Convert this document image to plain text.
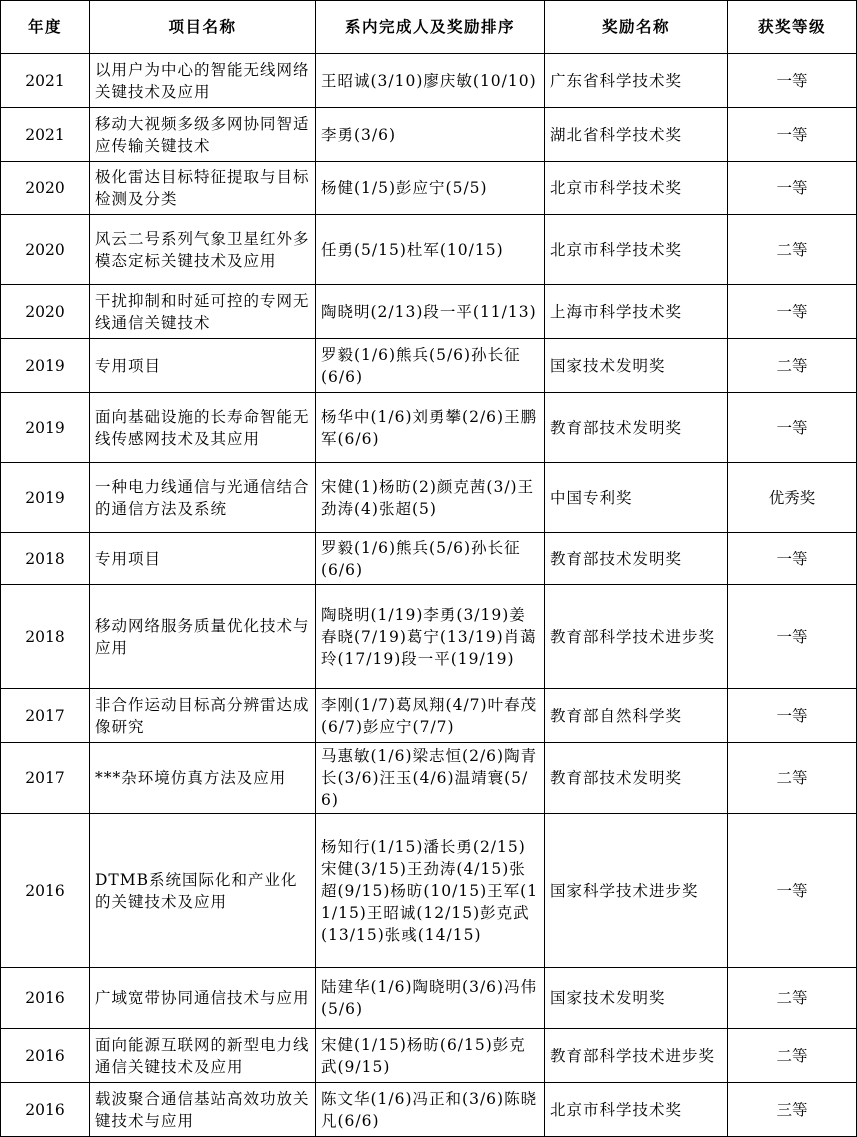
年度	项目名称	系内完成人及奖励排序	奖励名称	获奖等级
2021	以用户为中心的智能无线网络关键技术及应用	王昭诚(3/10)廖庆敏(10/10)	广东省科学技术奖	一等
2021	移动大视频多级多网协同智适应传输关键技术	李勇(3/6)	湖北省科学技术奖	一等
2020	极化雷达目标特征提取与目标检测及分类	杨健(1/5)彭应宁(5/5)	北京市科学技术奖	一等
2020	风云二号系列气象卫星红外多模态定标关键技术及应用	任勇(5/15)杜军(10/15)	北京市科学技术奖	二等
2020	干扰抑制和时延可控的专网无线通信关键技术	陶晓明(2/13)段一平(11/13)	上海市科学技术奖	一等
2019	专用项目	罗毅(1/6)熊兵(5/6)孙长征(6/6)	国家技术发明奖	二等
2019	面向基础设施的长寿命智能无线传感网技术及其应用	杨华中(1/6)刘勇攀(2/6)王鹏军(6/6)	教育部技术发明奖	一等
2019	一种电力线通信与光通信结合的通信方法及系统	宋健(1)杨昉(2)颜克茜(3/)王劲涛(4)张超(5)	中国专利奖	优秀奖
2018	专用项目	罗毅(1/6)熊兵(5/6)孙长征(6/6)	教育部技术发明奖	一等
2018	移动网络服务质量优化技术与应用	陶晓明(1/19)李勇(3/19)姜春晓(7/19)葛宁(13/19)肖蔼玲(17/19)段一平(19/19)	教育部科学技术进步奖	一等
2017	非合作运动目标高分辨雷达成像研究	李刚(1/7)葛凤翔(4/7)叶春茂(6/7)彭应宁(7/7)	教育部自然科学奖	一等
2017	***杂环境仿真方法及应用	马惠敏(1/6)梁志恒(2/6)陶青长(3/6)汪玉(4/6)温靖寰(5/6)	教育部技术发明奖	二等
2016	DTMB系统国际化和产业化的关键技术及应用	杨知行(1/15)潘长勇(2/15)宋健(3/15)王劲涛(4/15)张超(9/15)杨昉(10/15)王军(11/15)王昭诚(12/15)彭克武(13/15)张彧(14/15)	国家科学技术进步奖	一等
2016	广域宽带协同通信技术与应用	陆建华(1/6)陶晓明(3/6)冯伟(5/6)	国家技术发明奖	二等
2016	面向能源互联网的新型电力线通信关键技术及应用	宋健(1/15)杨昉(6/15)彭克武(9/15)	教育部科学技术进步奖	二等
2016	载波聚合通信基站高效功放关键技术与应用	陈文华(1/6)冯正和(3/6)陈晓凡(6/6)	北京市科学技术奖	三等
